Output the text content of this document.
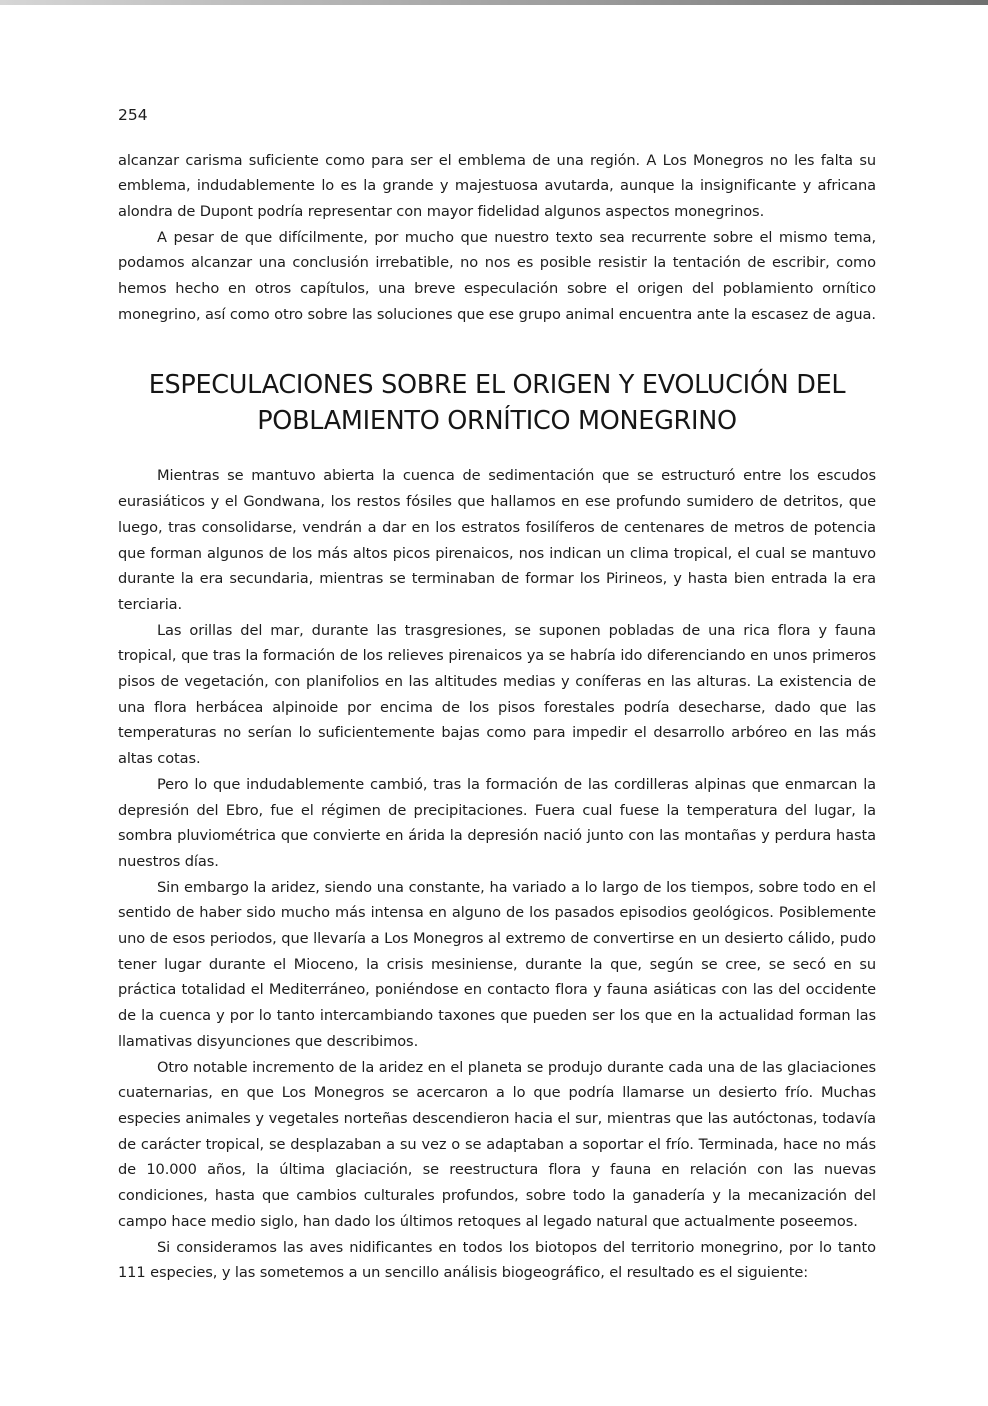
254

alcanzar carisma suficiente como para ser el emblema de una región. A Los Monegros no les falta su emblema, indudablemente lo es la grande y majestuosa avutarda, aunque la insignificante y africana alondra de Dupont podría representar con mayor fidelidad algunos aspectos monegrinos.

A pesar de que difícilmente, por mucho que nuestro texto sea recurrente sobre el mismo tema, podamos alcanzar una conclusión irrebatible, no nos es posible resistir la tentación de escribir, como hemos hecho en otros capítulos, una breve especulación sobre el origen del poblamiento ornítico monegrino, así como otro sobre las soluciones que ese grupo animal encuentra ante la escasez de agua.

ESPECULACIONES SOBRE EL ORIGEN Y EVOLUCIÓN DEL
POBLAMIENTO ORNÍTICO MONEGRINO

Mientras se mantuvo abierta la cuenca de sedimentación que se estructuró entre los escudos eurasiáticos y el Gondwana, los restos fósiles que hallamos en ese profundo sumidero de detritos, que luego, tras consolidarse, vendrán a dar en los estratos fosilíferos de centenares de metros de potencia que forman algunos de los más altos picos pirenaicos, nos indican un clima tropical, el cual se mantuvo durante la era secundaria, mientras se terminaban de formar los Pirineos, y hasta bien entrada la era terciaria.

Las orillas del mar, durante las trasgresiones, se suponen pobladas de una rica flora y fauna tropical, que tras la formación de los relieves pirenaicos ya se habría ido diferenciando en unos primeros pisos de vegetación, con planifolios en las altitudes medias y coníferas en las alturas. La existencia de una flora herbácea alpinoide por encima de los pisos forestales podría desecharse, dado que las temperaturas no serían lo suficientemente bajas como para impedir el desarrollo arbóreo en las más altas cotas.

Pero lo que indudablemente cambió, tras la formación de las cordilleras alpinas que enmarcan la depresión del Ebro, fue el régimen de precipitaciones. Fuera cual fuese la temperatura del lugar, la sombra pluviométrica que convierte en árida la depresión nació junto con las montañas y perdura hasta nuestros días.

Sin embargo la aridez, siendo una constante, ha variado a lo largo de los tiempos, sobre todo en el sentido de haber sido mucho más intensa en alguno de los pasados episodios geológicos. Posiblemente uno de esos periodos, que llevaría a Los Monegros al extremo de convertirse en un desierto cálido, pudo tener lugar durante el Mioceno, la crisis mesiniense, durante la que, según se cree, se secó en su práctica totalidad el Mediterráneo, poniéndose en contacto flora y fauna asiáticas con las del occidente de la cuenca y por lo tanto intercambiando taxones que pueden ser los que en la actualidad forman las llamativas disyunciones que describimos.

Otro notable incremento de la aridez en el planeta se produjo durante cada una de las glaciaciones cuaternarias, en que Los Monegros se acercaron a lo que podría llamarse un desierto frío. Muchas especies animales y vegetales norteñas descendieron hacia el sur, mientras que las autóctonas, todavía de carácter tropical, se desplazaban a su vez o se adaptaban a soportar el frío. Terminada, hace no más de 10.000 años, la última glaciación, se reestructura flora y fauna en relación con las nuevas condiciones, hasta que cambios culturales profundos, sobre todo la ganadería y la mecanización del campo hace medio siglo, han dado los últimos retoques al legado natural que actualmente poseemos.

Si consideramos las aves nidificantes en todos los biotopos del territorio monegrino, por lo tanto 111 especies, y las sometemos a un sencillo análisis biogeográfico, el resultado es el siguiente:
